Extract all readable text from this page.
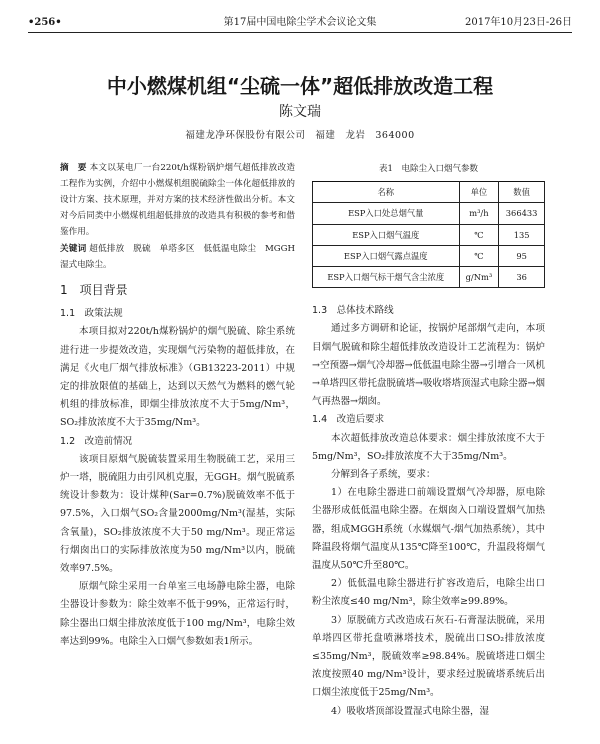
•256•	第17届中国电除尘学术会议论文集	2017年10月23日-26日
中小燃煤机组“尘硫一体”超低排放改造工程
陈文瑞
福建龙净环保股份有限公司　福建　龙岩　364000
摘　要 本文以某电厂一台220t/h煤粉锅炉烟气超低排放改造工程作为实例，介绍中小燃煤机组脱硫除尘一体化超低排放的设计方案、技术原理，并对方案的技术经济性做出分析。本文对今后同类中小燃煤机组超低排放的改造具有积极的参考和借鉴作用。
关键词 超低排放　脱硫　单塔多区　低低温电除尘　MGGH　湿式电除尘。
1　项目背景
1.1　政策法规

本项目拟对220t/h煤粉锅炉的烟气脱硫、除尘系统进行进一步提效改造，实现烟气污染物的超低排放，在满足《火电厂烟气排放标准》（GB13223-2011）中规定的排放限值的基础上，达到以天然气为燃料的燃气轮机组的排放标准，即烟尘排放浓度不大于5mg/Nm³，SO₂排放浓度不大于35mg/Nm³。

1.2　改造前情况

该项目原烟气脱硫装置采用生物脱硫工艺，采用三炉一塔，脱硫阻力由引风机克服，无GGH。烟气脱硫系统设计参数为：设计煤种(Sar=0.7%)脱硫效率不低于97.5%，入口烟气SO₂含量2000mg/Nm³(湿基，实际含氧量)，SO₂排放浓度不大于50 mg/Nm³。现正常运行烟囱出口的实际排放浓度为50 mg/Nm³以内，脱硫效率97.5%。

原烟气除尘采用一台单室三电场静电除尘器，电除尘器设计参数为：除尘效率不低于99%，正常运行时，除尘器出口烟尘排放浓度低于100 mg/Nm³，电除尘效率达到99%。电除尘入口烟气参数如表1所示。

表1　电除尘入口烟气参数
名称	单位	数值
ESP入口处总烟气量	m³/h	366433
ESP入口烟气温度	℃	135
ESP入口烟气露点温度	℃	95
ESP入口烟气标干烟气含尘浓度	g/Nm³	36
1.3　总体技术路线

通过多方调研和论证，按锅炉尾部烟气走向，本项目烟气脱硫和除尘超低排放改造设计工艺流程为：锅炉→空预器→烟气冷却器→低低温电除尘器→引增合一风机→单塔四区带托盘脱硫塔→吸收塔塔顶湿式电除尘器→烟气再热器→烟囱。

1.4　改造后要求

本次超低排放改造总体要求：烟尘排放浓度不大于5mg/Nm³，SO₂排放浓度不大于35mg/Nm³。

分解到各子系统，要求：

1）在电除尘器进口前端设置烟气冷却器，原电除尘器形成低低温电除尘器。在烟囱入口端设置烟气加热器，组成MGGH系统（水媒烟气-烟气加热系统），其中降温段将烟气温度从135℃降至100℃，升温段将烟气温度从50℃升至80℃。

2）低低温电除尘器进行扩容改造后，电除尘出口粉尘浓度≤40 mg/Nm³，除尘效率≥99.89%。

3）原脱硫方式改造成石灰石-石膏湿法脱硫，采用单塔四区带托盘喷淋塔技术，脱硫出口SO₂排放浓度≤35mg/Nm³，脱硫效率≥98.84%。脱硫塔进口烟尘浓度按照40 mg/Nm³设计，要求经过脱硫塔系统后出口烟尘浓度低于25mg/Nm³。

4）吸收塔顶部设置湿式电除尘器，湿
